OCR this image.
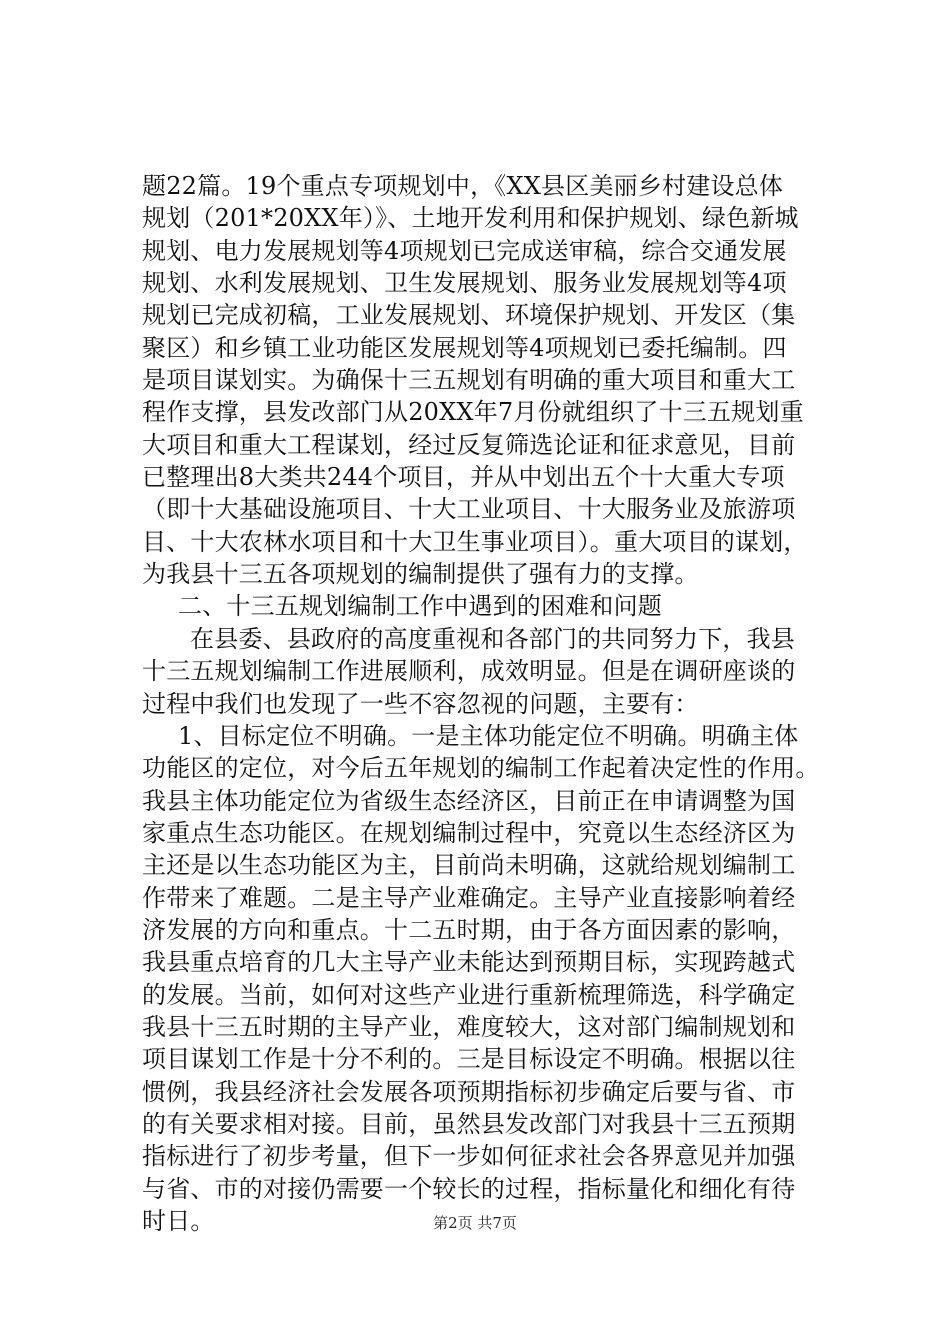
题22篇。19个重点专项规划中，《XX县区美丽乡村建设总体
规划（201*20XX年）》、土地开发利用和保护规划、绿色新城
规划、电力发展规划等4项规划已完成送审稿，综合交通发展
规划、水利发展规划、卫生发展规划、服务业发展规划等4项
规划已完成初稿，工业发展规划、环境保护规划、开发区（集
聚区）和乡镇工业功能区发展规划等4项规划已委托编制。四
是项目谋划实。为确保十三五规划有明确的重大项目和重大工
程作支撑，县发改部门从20XX年7月份就组织了十三五规划重
大项目和重大工程谋划，经过反复筛选论证和征求意见，目前
已整理出8大类共244个项目，并从中划出五个十大重大专项
（即十大基础设施项目、十大工业项目、十大服务业及旅游项
目、十大农林水项目和十大卫生事业项目）。重大项目的谋划，
为我县十三五各项规划的编制提供了强有力的支撑。
二、十三五规划编制工作中遇到的困难和问题
在县委、县政府的高度重视和各部门的共同努力下，我县
十三五规划编制工作进展顺利，成效明显。但是在调研座谈的
过程中我们也发现了一些不容忽视的问题，主要有：
1、目标定位不明确。一是主体功能定位不明确。明确主体
功能区的定位，对今后五年规划的编制工作起着决定性的作用。
我县主体功能定位为省级生态经济区，目前正在申请调整为国
家重点生态功能区。在规划编制过程中，究竟以生态经济区为
主还是以生态功能区为主，目前尚未明确，这就给规划编制工
作带来了难题。二是主导产业难确定。主导产业直接影响着经
济发展的方向和重点。十二五时期，由于各方面因素的影响，
我县重点培育的几大主导产业未能达到预期目标，实现跨越式
的发展。当前，如何对这些产业进行重新梳理筛选，科学确定
我县十三五时期的主导产业，难度较大，这对部门编制规划和
项目谋划工作是十分不利的。三是目标设定不明确。根据以往
惯例，我县经济社会发展各项预期指标初步确定后要与省、市
的有关要求相对接。目前，虽然县发改部门对我县十三五预期
指标进行了初步考量，但下一步如何征求社会各界意见并加强
与省、市的对接仍需要一个较长的过程，指标量化和细化有待
时日。	第2页 共7页
